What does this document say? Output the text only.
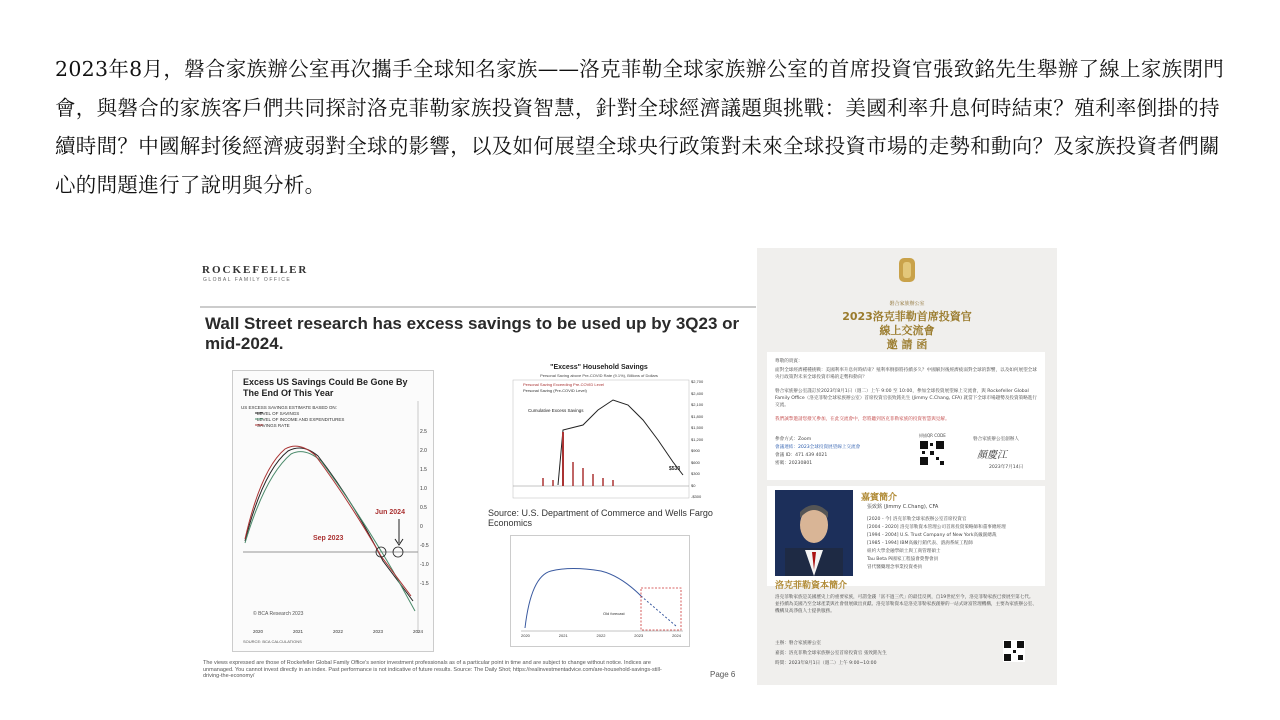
2023年8月，磐合家族辦公室再次攜手全球知名家族——洛克菲勒全球家族辦公室的首席投資官張致銘先生舉辦了線上家族閉門會，與磐合的家族客戶們共同探討洛克菲勒家族投資智慧，針對全球經濟議題與挑戰：美國利率升息何時結束？殖利率倒掛的持續時間？中國解封後經濟疲弱對全球的影響，以及如何展望全球央行政策對未來全球投資市場的走勢和動向？及家族投資者們關心的問題進行了說明與分析。
ROCKEFELLER
GLOBAL FAMILY OFFICE
Wall Street research has excess savings to be used up by 3Q23 or mid-2024.
Excess US Savings Could Be Gone By The End Of This Year
US EXCESS SAVINGS ESTIMATE BASED ON:
LEVEL OF SAVINGS
LEVEL OF INCOME AND EXPENDITURES
SAVINGS RATE
Jun 2024
Sep 2023
2.5
2.0
1.5
1.0
0.5
0
-0.5
-1.0
-1.5
© BCA Research 2023
2020	2021	2022	2023	2024
SOURCE: BCA CALCULATIONS
"Excess" Household Savings
Personal Saving above Pre-COVID Rate (9.1%), Billions of Dollars
Personal Saving Exceeding Pre-COVID Level
Personal Saving (Pre-COVID Level)
Cumulative Excess Savings
$533
$2,700
$2,400
$2,100
$1,800
$1,500
$1,200
$900
$600
$300
$0
-$300
Source: U.S. Department of Commerce and Wells Fargo Economics
Old forecast
2020	2021	2022	2023	2024
The views expressed are those of Rockefeller Global Family Office's senior investment professionals as of a particular point in time and are subject to change without notice. Indices are unmanaged. You cannot invest directly in an index. Past performance is not indicative of future results. Source: The Daily Shot; https://realinvestmentadvice.com/are-household-savings-still-driving-the-economy/	Page 6
磐合家族辦公室
2023洛克菲勒首席投資官
線上交流會
邀 請 函
尊敬的貴賓：
面對全球經濟種種挑戰：美國利率升息何時結束？殖利率倒掛將持續多久？中國解封後經濟疲弱對全球的影響，以及如何展望全球央行政策對未來全球投資市場的走勢和動向？
磐合家族辦公室謹訂於2023年8月1日（週二）上午 9:00 至 10:00，參加全球投資展望線上交流會，與 Rockefeller Global Family Office（洛克菲勒全球家族辦公室）首席投資官張致銘先生 (Jimmy C.Chang, CFA) 就當下全球市場趨勢及投資策略進行交流。
我們誠摯邀請您撥冗參加，在此交流會中，您將聽到洛克菲勒家族的投資智慧與見解。
參會方式：Zoom
會議連結：2023全球投資展望線上交流會
會議 ID：471 439 4021
密碼：20230801
掃描QR CODE
磐合家族辦公室創辦人
顏慶江
2023年7月14日
嘉賓簡介
張致銘 (Jimmy C.Chang), CFA
[2020 - 今] 洛克菲勒全球家族辦公室首席投資官
[2004 - 2020] 洛克菲勒資本管理公司首席投資策略師和董事總經理
[1994 - 2004] U.S. Trust Company of New York高級副總裁
[1985 - 1994] IBM高級行銷代表、諮詢系統工程師
紐約大學金融學碩士與工商管理碩士
Tau Beta Pi國家工程協會榮譽會員
冒代醫藥理念事業投資委員
洛克菲勒資本簡介
洛克菲勒家族是美國歷史上的重要家族，可謂金錢「富不過三代」的最佳反例，自19世紀至今，洛克菲勒家族已發展至第七代。並持續為美國乃至全球產業與社會發展做出貢獻。洛克菲勒資本是洛克菲勒家族創辦的一站式財富管理機構，主要為家族辦公室、機構及高淨值人士提供服務。
主辦：磐合家族辦公室
嘉賓：洛克菲勒全球家族辦公室首席投資官 張致銘先生
時間：2023年8月1日（週二）上午 9:00~10:00
